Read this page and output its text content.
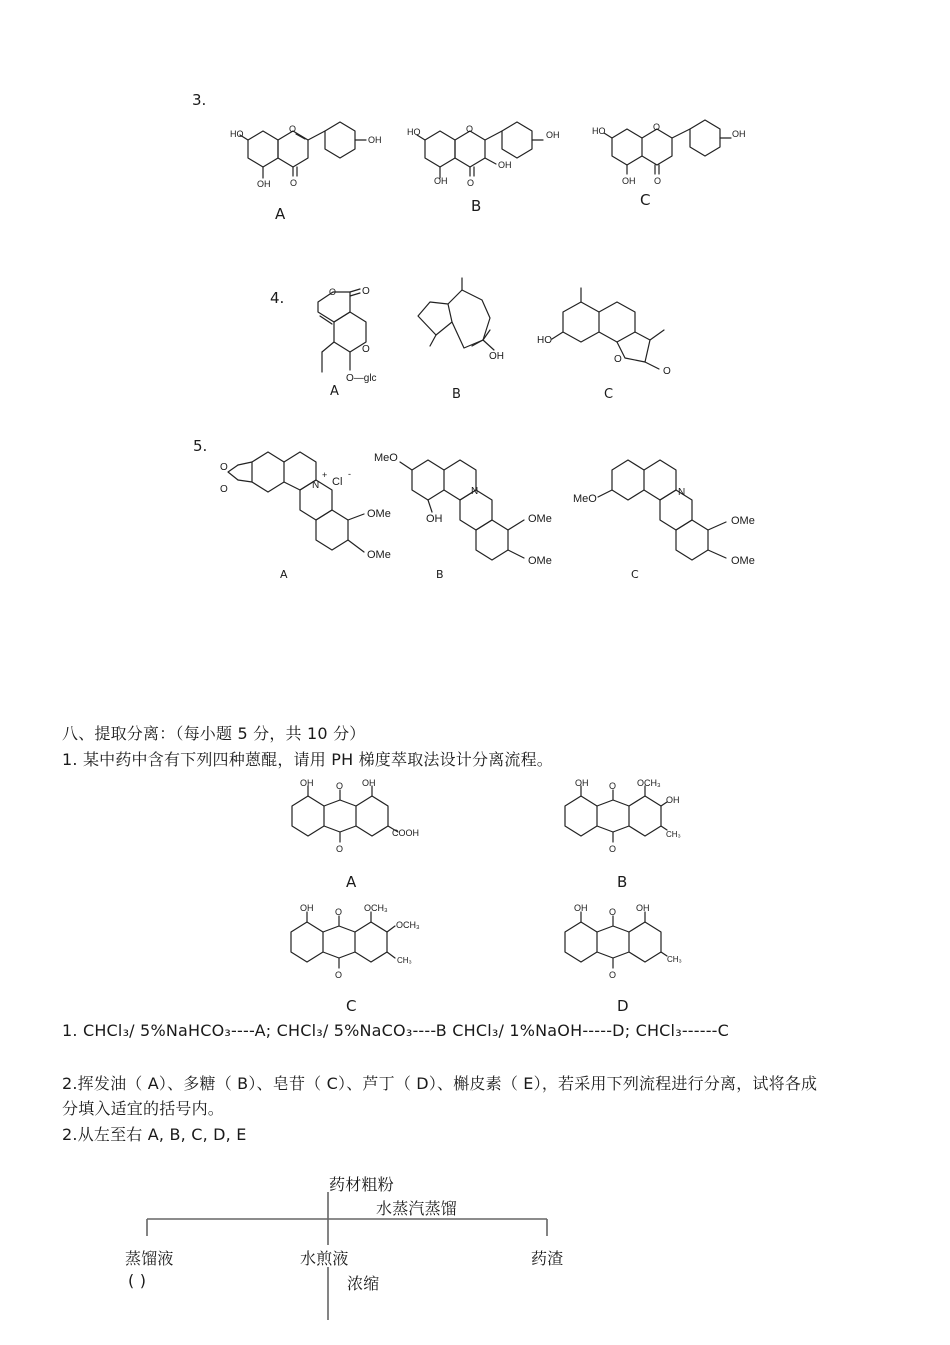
3.
HO	O
OH
OH O
HO	O
OH
OH O
OH
HO	O
OH
OH O
A	B	C
4.	O	O
O
O—glc
OH
HO
O
O
A	B	C
5.
O
O	N
+
Cl
-
OMe
OMe
MeO
OH
N
OMe
OMe
MeO
N
OMe
OMe
A	B	C
八、提取分离：（每小题 5 分，共 10 分）
1. 某中药中含有下列四种蒽醌，请用 PH 梯度萃取法设计分离流程。
OH	O OH
O
COOH
OH O OCH₃
OH
CH₃
O
OH O OCH₃
OCH₃
CH₃
O
OH O OH
CH₃
O
A	B
C	D
1. CHCl₃/ 5%NaHCO₃----A; CHCl₃/ 5%NaCO₃----B CHCl₃/ 1%NaOH-----D; CHCl₃------C
2.挥发油（ A）、多糖（ B）、皂苷（ C）、芦丁（ D）、槲皮素（ E），若采用下列流程进行分离，试将各成
分填入适宜的括号内。
2.从左至右 A, B, C, D, E
药材粗粉
水蒸汽蒸馏
蒸馏液
( )
水煎液	药渣
浓缩
